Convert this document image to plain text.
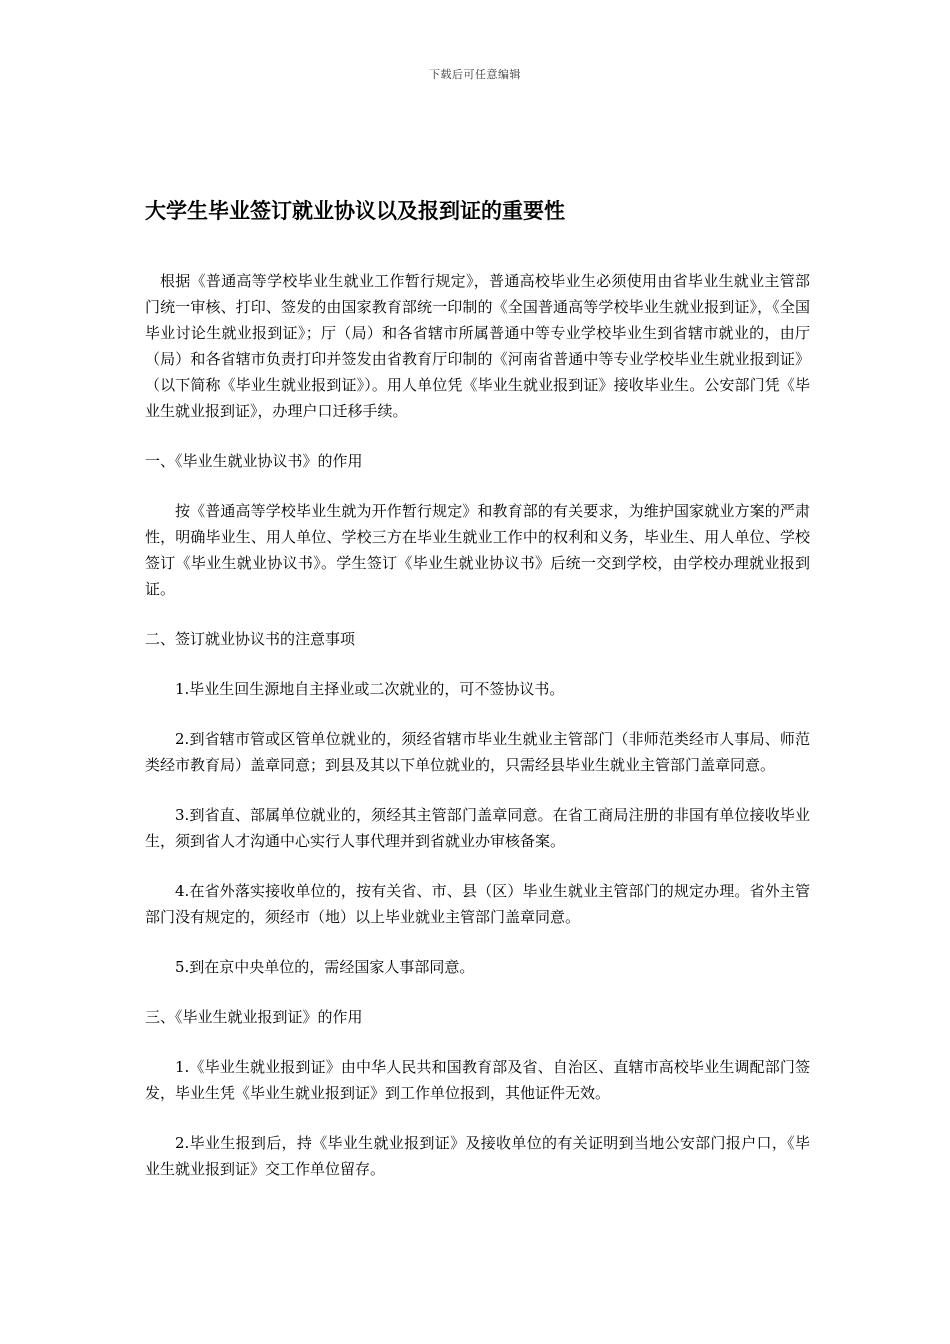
下载后可任意编辑
大学生毕业签订就业协议以及报到证的重要性

根据《普通高等学校毕业生就业工作暂行规定》，普通高校毕业生必须使用由省毕业生就业主管部门统一审核、打印、签发的由国家教育部统一印制的《全国普通高等学校毕业生就业报到证》，《全国毕业讨论生就业报到证》；厅（局）和各省辖市所属普通中等专业学校毕业生到省辖市就业的，由厅（局）和各省辖市负责打印并签发由省教育厅印制的《河南省普通中等专业学校毕业生就业报到证》（以下简称《毕业生就业报到证》）。用人单位凭《毕业生就业报到证》接收毕业生。公安部门凭《毕业生就业报到证》，办理户口迁移手续。

一、《毕业生就业协议书》的作用

按《普通高等学校毕业生就为开作暂行规定》和教育部的有关要求，为维护国家就业方案的严肃性，明确毕业生、用人单位、学校三方在毕业生就业工作中的权利和义务，毕业生、用人单位、学校签订《毕业生就业协议书》。学生签订《毕业生就业协议书》后统一交到学校，由学校办理就业报到证。

二、签订就业协议书的注意事项

1.毕业生回生源地自主择业或二次就业的，可不签协议书。

2.到省辖市管或区管单位就业的，须经省辖市毕业生就业主管部门（非师范类经市人事局、师范类经市教育局）盖章同意；到县及其以下单位就业的，只需经县毕业生就业主管部门盖章同意。

3.到省直、部属单位就业的，须经其主管部门盖章同意。在省工商局注册的非国有单位接收毕业生，须到省人才沟通中心实行人事代理并到省就业办审核备案。

4.在省外落实接收单位的，按有关省、市、县（区）毕业生就业主管部门的规定办理。省外主管部门没有规定的，须经市（地）以上毕业就业主管部门盖章同意。

5.到在京中央单位的，需经国家人事部同意。

三、《毕业生就业报到证》的作用

1.《毕业生就业报到证》由中华人民共和国教育部及省、自治区、直辖市高校毕业生调配部门签发，毕业生凭《毕业生就业报到证》到工作单位报到，其他证件无效。

2.毕业生报到后，持《毕业生就业报到证》及接收单位的有关证明到当地公安部门报户口，《毕业生就业报到证》交工作单位留存。
